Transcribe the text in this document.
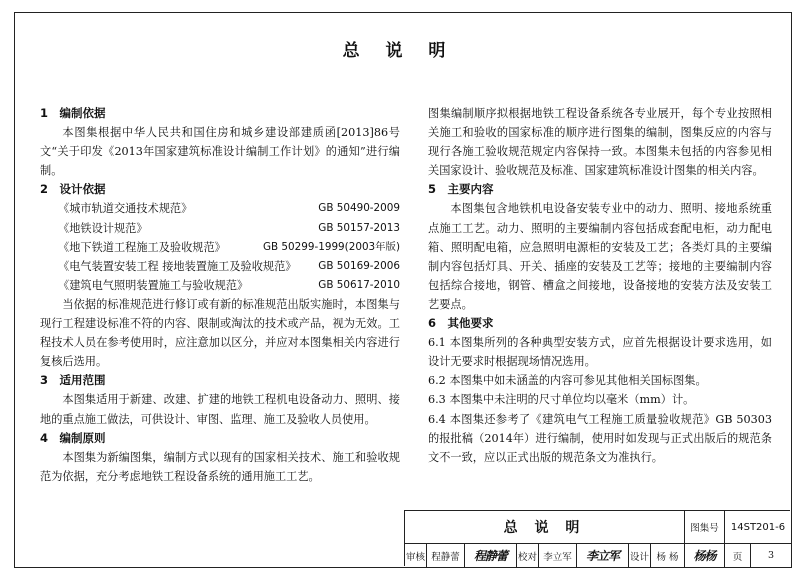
总 说 明
1　编制依据
本图集根据中华人民共和国住房和城乡建设部建质函[2013]86号文“关于印发《2013年国家建筑标准设计编制工作计划》的通知”进行编制。
2　设计依据
《城市轨道交通技术规范》	GB 50490-2009
《地铁设计规范》	GB 50157-2013
《地下铁道工程施工及验收规范》	GB 50299-1999(2003年版)
《电气装置安装工程 接地装置施工及验收规范》 GB 50169-2006
《建筑电气照明装置施工与验收规范》	GB 50617-2010
当依据的标准规范进行修订或有新的标准规范出版实施时，本图集与现行工程建设标准不符的内容、限制或淘汰的技术或产品，视为无效。工程技术人员在参考使用时，应注意加以区分，并应对本图集相关内容进行复核后选用。
3　适用范围
本图集适用于新建、改建、扩建的地铁工程机电设备动力、照明、接地的重点施工做法，可供设计、审图、监理、施工及验收人员使用。
4　编制原则
本图集为新编图集，编制方式以现有的国家相关技术、施工和验收规范为依据，充分考虑地铁工程设备系统的通用施工工艺。
图集编制顺序拟根据地铁工程设备系统各专业展开，每个专业按照相关施工和验收的国家标准的顺序进行图集的编制，图集反应的内容与现行各施工验收规范规定内容保持一致。本图集未包括的内容参见相关国家设计、验收规范及标准、国家建筑标准设计图集的相关内容。
5　主要内容
本图集包含地铁机电设备安装专业中的动力、照明、接地系统重点施工工艺。动力、照明的主要编制内容包括成套配电柜，动力配电箱、照明配电箱，应急照明电源柜的安装及工艺；各类灯具的主要编制内容包括灯具、开关、插座的安装及工艺等；接地的主要编制内容包括综合接地，钢管、槽盒之间接地，设备接地的安装方法及安装工艺要点。
6　其他要求
6.1 本图集所列的各种典型安装方式，应首先根据设计要求选用，如设计无要求时根据现场情况选用。
6.2 本图集中如未涵盖的内容可参见其他相关国标图集。
6.3 本图集中未注明的尺寸单位均以毫米（mm）计。
6.4 本图集还参考了《建筑电气工程施工质量验收规范》GB 50303的报批稿（2014年）进行编制，使用时如发现与正式出版后的规范条文不一致，应以正式出版的规范条文为准执行。
总 说 明	图集号	14ST201-6
审核 程静蕾	程静蕾	校对 李立军	李立军	设计 杨 杨	杨杨	页	3
